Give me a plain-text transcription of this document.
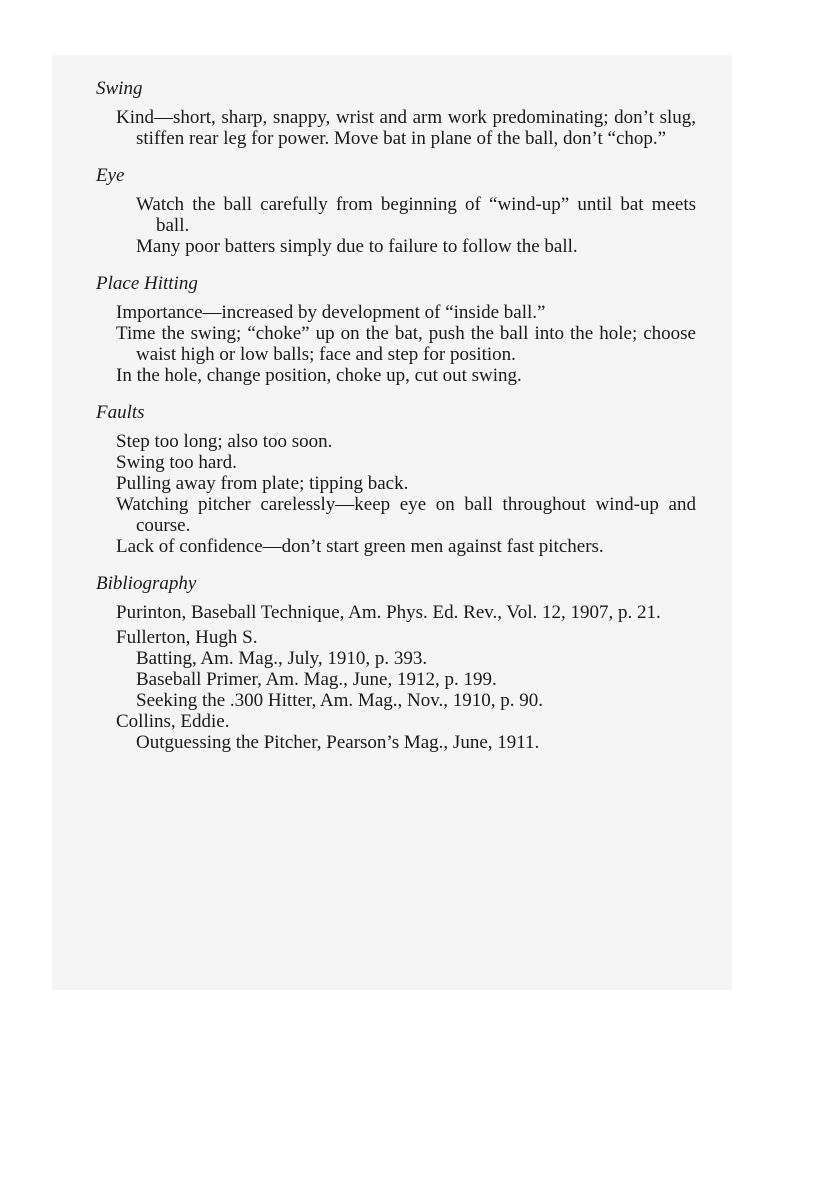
Swing
Kind—short, sharp, snappy, wrist and arm work predominating; don’t slug, stiffen rear leg for power. Move bat in plane of the ball, don’t “chop.”
Eye
Watch the ball carefully from beginning of “wind-up” until bat meets ball.
Many poor batters simply due to failure to follow the ball.
Place Hitting
Importance—increased by development of “inside ball.”
Time the swing; “choke” up on the bat, push the ball into the hole; choose waist high or low balls; face and step for position.
In the hole, change position, choke up, cut out swing.
Faults
Step too long; also too soon.
Swing too hard.
Pulling away from plate; tipping back.
Watching pitcher carelessly—keep eye on ball throughout wind-up and course.
Lack of confidence—don’t start green men against fast pitchers.
Bibliography
Purinton, Baseball Technique, Am. Phys. Ed. Rev., Vol. 12, 1907, p. 21.
Fullerton, Hugh S.
Batting, Am. Mag., July, 1910, p. 393.
Baseball Primer, Am. Mag., June, 1912, p. 199.
Seeking the .300 Hitter, Am. Mag., Nov., 1910, p. 90.
Collins, Eddie.
Outguessing the Pitcher, Pearson’s Mag., June, 1911.
